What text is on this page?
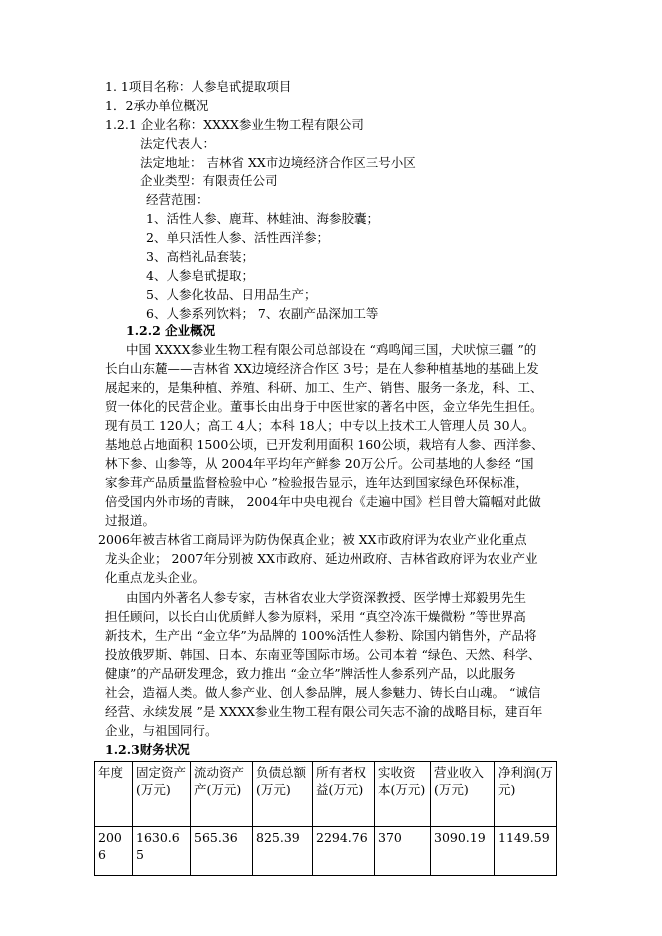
1. 1项目名称：人参皂甙提取项目
1．2承办单位概况
1.2.1 企业名称：XXXX参业生物工程有限公司
法定代表人：
法定地址： 吉林省 XX市边境经济合作区三号小区
企业类型：有限责任公司
经营范围：
1、活性人参、鹿茸、林蛙油、海参胶囊；
2、单只活性人参、活性西洋参；
3、高档礼品套装；
4、人参皂甙提取；
5、人参化妆品、日用品生产；
6、人参系列饮料； 7、农副产品深加工等
1.2.2 企业概况
中国 XXXX参业生物工程有限公司总部设在 “鸡鸣闻三国，犬吠惊三疆 ”的
长白山东麓——吉林省 XX边境经济合作区 3号；是在人参种植基地的基础上发
展起来的，是集种植、养殖、科研、加工、生产、销售、服务一条龙，科、工、
贸一体化的民营企业。董事长由出身于中医世家的著名中医，金立华先生担任。
现有员工 120人；高工 4人；本科 18人；中专以上技术工人管理人员 30人。
基地总占地面积 1500公顷，已开发利用面积 160公顷，栽培有人参、西洋参、
林下参、山参等，从 2004年平均年产鲜参 20万公斤。公司基地的人参经 “国
家参茸产品质量监督检验中心 ”检验报告显示，连年达到国家绿色环保标准，
倍受国内外市场的青睐， 2004年中央电视台《走遍中国》栏目曾大篇幅对此做
过报道。
2006年被吉林省工商局评为防伪保真企业；被 XX市政府评为农业产业化重点
龙头企业； 2007年分别被 XX市政府、延边州政府、吉林省政府评为农业产业
化重点龙头企业。
由国内外著名人参专家，吉林省农业大学资深教授、医学博士郑毅男先生
担任顾问，以长白山优质鲜人参为原料，采用 “真空冷冻干燥微粉 ”等世界高
新技术，生产出 “金立华”为品牌的 100%活性人参粉、除国内销售外，产品将
投放俄罗斯、韩国、日本、东南亚等国际市场。公司本着 “绿色、天然、科学、
健康”的产品研发理念，致力推出 “金立华”牌活性人参系列产品，以此服务
社会，造福人类。做人参产业、创人参品牌，展人参魅力、铸长白山魂。 “诚信
经营、永续发展 ”是 XXXX参业生物工程有限公司矢志不渝的战略目标，建百年
企业，与祖国同行。
1.2.3财务状况
年度	固定资产(万元)	流动资产产(万元)	负债总额(万元)	所有者权益(万元)	实收资本(万元)	营业收入(万元)	净利润(万元)
2006	1630.65	565.36	825.39	2294.76	370	3090.19	1149.59
